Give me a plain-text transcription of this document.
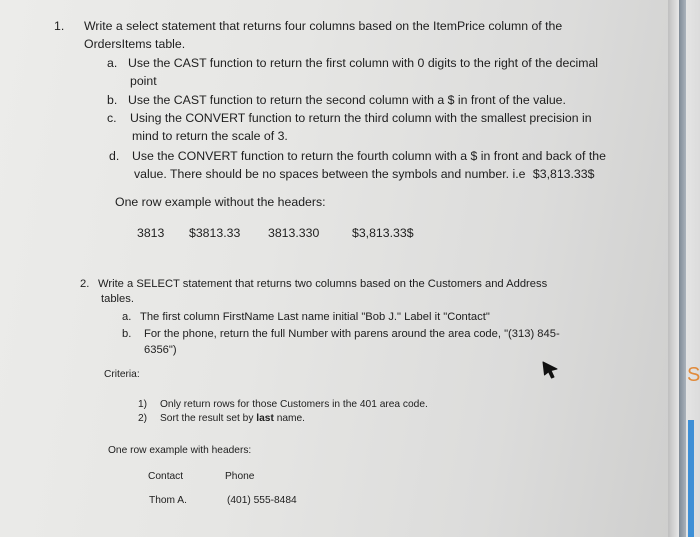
1. Write a select statement that returns four columns based on the ItemPrice column of the
OrdersItems table.
a. Use the CAST function to return the first column with 0 digits to the right of the decimal
point
b. Use the CAST function to return the second column with a $ in front of the value.
c. Using the CONVERT function to return the third column with the smallest precision in
mind to return the scale of 3.
d. Use the CONVERT function to return the fourth column with a $ in front and back of the
value. There should be no spaces between the symbols and number. i.e $3,813.33$
One row example without the headers:
3813 $3813.33 3813.330	$3,813.33$
2. Write a SELECT statement that returns two columns based on the Customers and Address
tables.
a. The first column FirstName Last name initial "Bob J." Label it "Contact"
b. For the phone, return the full Number with parens around the area code, "(313) 845-
6356")
Criteria:
1) Only return rows for those Customers in the 401 area code.
2) Sort the result set by last name.
One row example with headers:
Contact	Phone
Thom A.	(401) 555-8484
S
